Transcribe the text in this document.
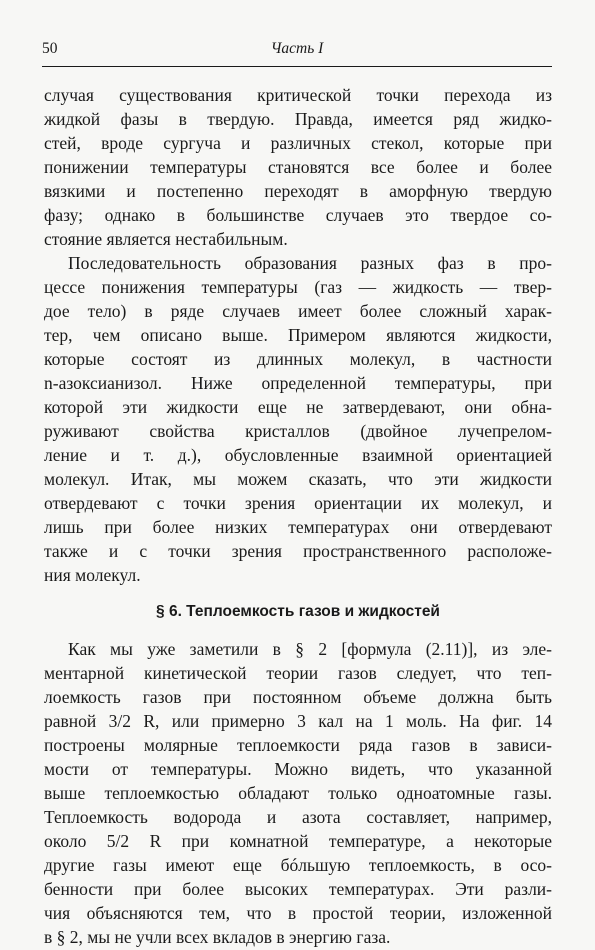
50	Часть I
случая существования критической точки перехода из
жидкой фазы в твердую. Правда, имеется ряд жидко-
стей, вроде сургуча и различных стекол, которые при
понижении температуры становятся все более и более
вязкими и постепенно переходят в аморфную твердую
фазу; однако в большинстве случаев это твердое со-
стояние является нестабильным.
Последовательность образования разных фаз в про-
цессе понижения температуры (газ — жидкость — твер-
дое тело) в ряде случаев имеет более сложный харак-
тер, чем описано выше. Примером являются жидкости,
которые состоят из длинных молекул, в частности
n-азоксианизол. Ниже определенной температуры, при
которой эти жидкости еще не затвердевают, они обна-
руживают свойства кристаллов (двойное лучепрелом-
ление и т. д.), обусловленные взаимной ориентацией
молекул. Итак, мы можем сказать, что эти жидкости
отвердевают с точки зрения ориентации их молекул, и
лишь при более низких температурах они отвердевают
также и с точки зрения пространственного расположе-
ния молекул.
§ 6. Теплоемкость газов и жидкостей
Как мы уже заметили в § 2 [формула (2.11)], из эле-
ментарной кинетической теории газов следует, что теп-
лоемкость газов при постоянном объеме должна быть
равной 3/2 R, или примерно 3 кал на 1 моль. На фиг. 14
построены молярные теплоемкости ряда газов в зависи-
мости от температуры. Можно видеть, что указанной
выше теплоемкостью обладают только одноатомные газы.
Теплоемкость водорода и азота составляет, например,
около 5/2 R при комнатной температуре, а некоторые
другие газы имеют еще бóльшую теплоемкость, в осо-
бенности при более высоких температурах. Эти разли-
чия объясняются тем, что в простой теории, изложенной
в § 2, мы не учли всех вкладов в энергию газа.
